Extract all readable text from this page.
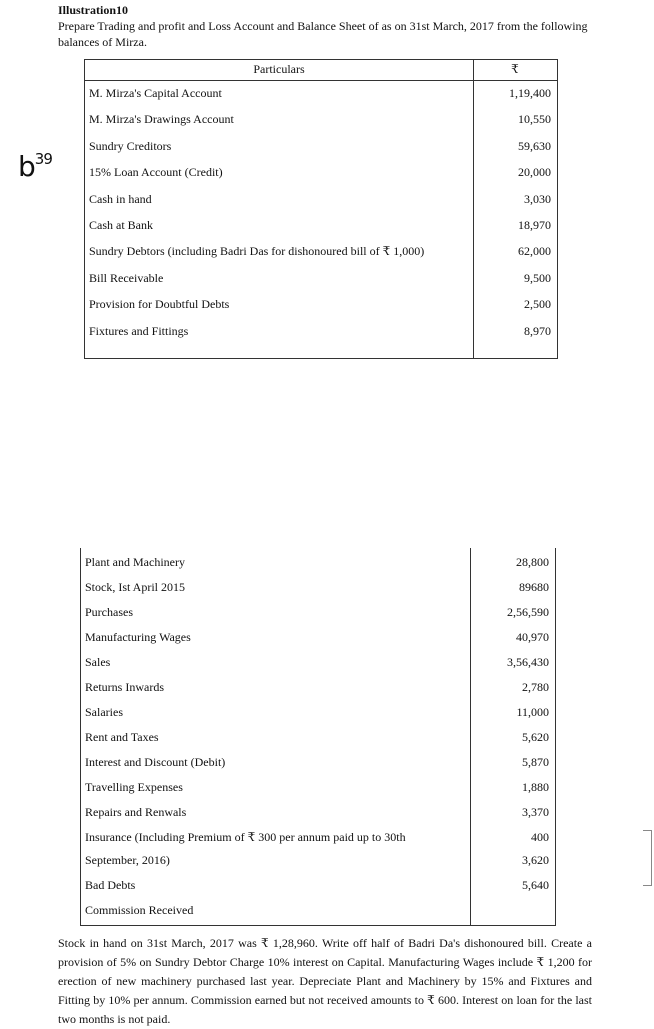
Illustration10
Prepare Trading and profit and Loss Account and Balance Sheet of as on 31st March, 2017 from the following balances of Mirza.
$b^{39}$
Particulars	₹
M. Mirza's Capital Account	1,19,400
M. Mirza's Drawings Account	10,550
Sundry Creditors	59,630
15% Loan Account (Credit)	20,000
Cash in hand	3,030
Cash at Bank	18,970
Sundry Debtors (including Badri Das for dishonoured bill of ₹ 1,000)	62,000
Bill Receivable	9,500
Provision for Doubtful Debts	2,500
Fixtures and Fittings	8,970
Plant and Machinery	28,800
Stock, Ist April 2015	89680
Purchases	2,56,590
Manufacturing Wages	40,970
Sales	3,56,430
Returns Inwards	2,780
Salaries	11,000
Rent and Taxes	5,620
Interest and Discount (Debit)	5,870
Travelling Expenses	1,880
Repairs and Renwals	3,370
Insurance (Including Premium of ₹ 300 per annum paid up to 30th	400
September, 2016)	3,620
Bad Debts	5,640
Commission Received
Stock in hand on 31st March, 2017 was ₹ 1,28,960. Write off half of Badri Da's dishonoured bill. Create a provision of 5% on Sundry Debtor Charge 10% interest on Capital. Manufacturing Wages include ₹ 1,200 for erection of new machinery purchased last year. Depreciate Plant and Machinery by 15% and Fixtures and Fitting by 10% per annum. Commission earned but not received amounts to ₹ 600. Interest on loan for the last two months is not paid.
